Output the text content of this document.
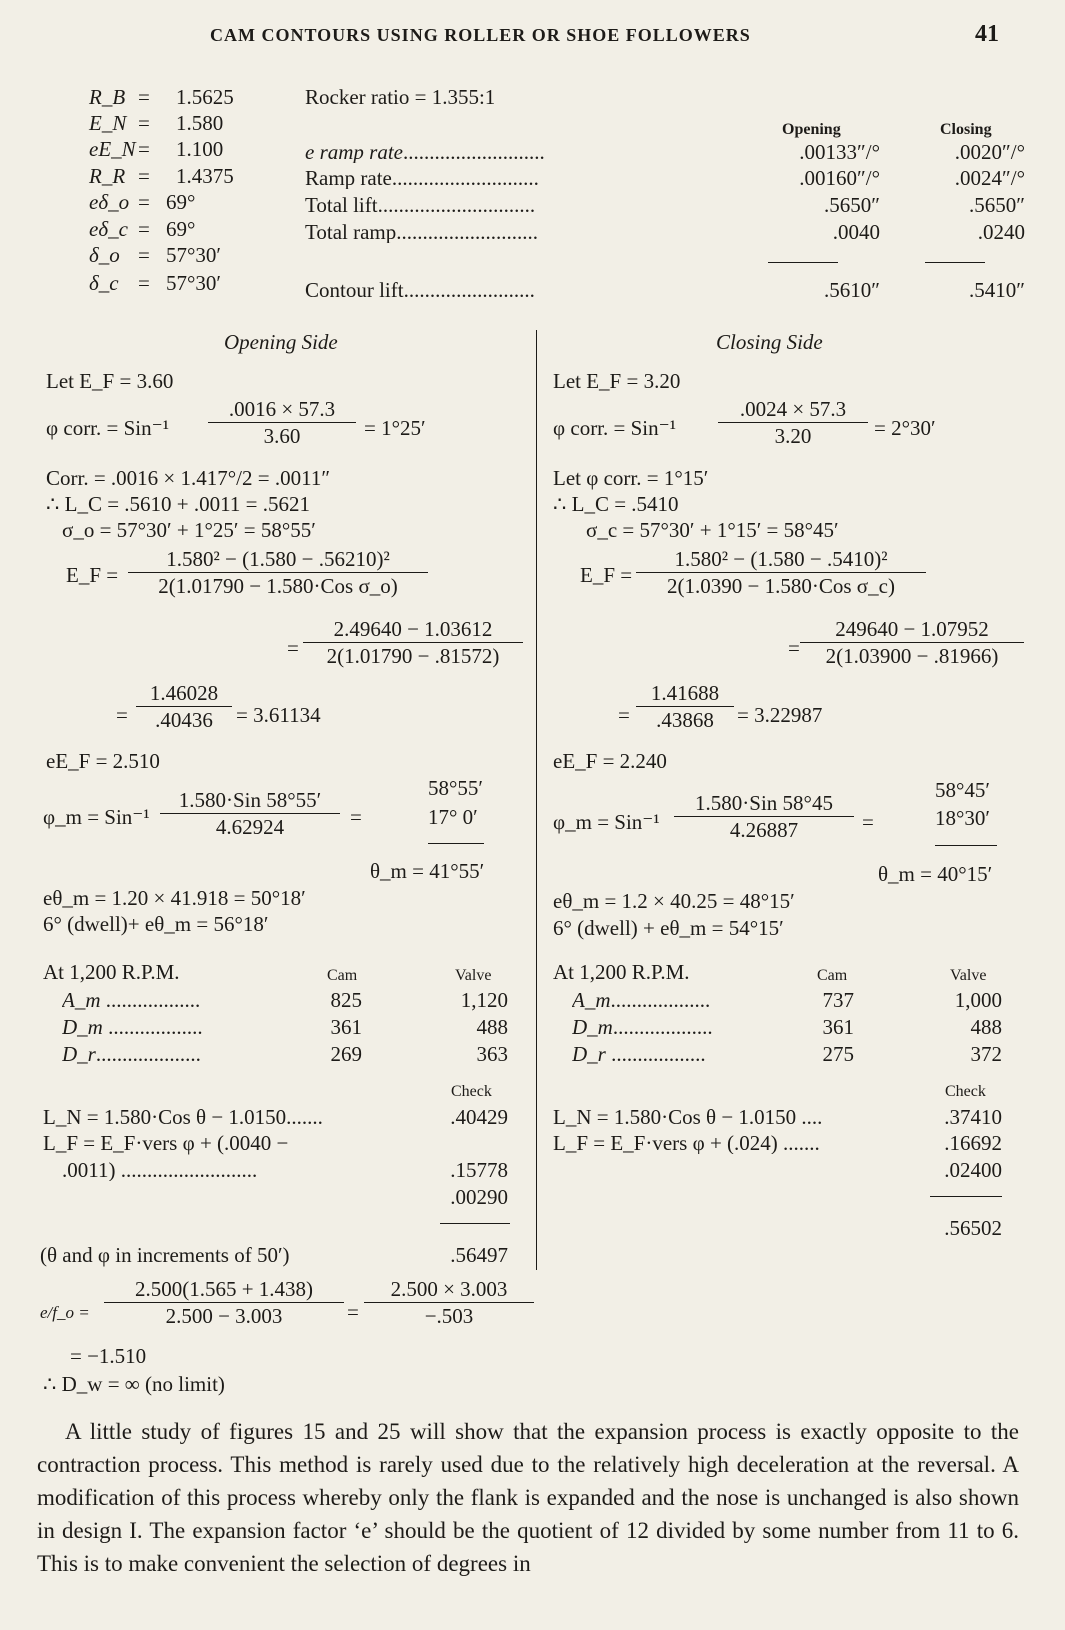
CAM CONTOURS USING ROLLER OR SHOE FOLLOWERS	41
R_B = 1.5625
E_N = 1.580
eE_N = 1.100
R_R = 1.4375
eδ_o = 69°
eδ_c = 69°
δ_o = 57°30′
δ_c = 57°30′
Rocker ratio = 1.355:1
Opening	Closing
e ramp rate...........................	.00133″/°	.0020″/°
Ramp rate............................	.00160″/°	.0024″/°
Total lift..............................	.5650″	.5650″
Total ramp...........................	.0040	.0240
Contour lift.........................	.5610″	.5410″
Opening Side
Let E_F = 3.60
φ corr. = Sin⁻¹
.0016 × 57.3
3.60	= 1°25′
Corr. = .0016 × 1.417°/2 = .0011″
∴ L_C = .5610 + .0011 = .5621
σ_o = 57°30′ + 1°25′ = 58°55′
E_F =
1.580² − (1.580 − .56210)²
2(1.01790 − 1.580·Cos σ_o)
=
2.49640 − 1.03612
2(1.01790 − .81572)
=
1.46028
.40436	= 3.61134
eE_F = 2.510
φ_m = Sin⁻¹
1.580·Sin 58°55′
4.62924	=
58°55′
17° 0′
θ_m = 41°55′
eθ_m = 1.20 × 41.918 = 50°18′
6° (dwell)+ eθ_m = 56°18′
At 1,200 R.P.M.	Cam	Valve
A_m ..................	825	1,120
D_m ..................	361	488
D_r....................	269	363
Check
L_N = 1.580·Cos θ − 1.0150.......	.40429
L_F = E_F·vers φ + (.0040 −
.0011) ..........................	.15778
.00290
(θ and φ in increments of 50′)	.56497
Closing Side
Let E_F = 3.20
φ corr. = Sin⁻¹
.0024 × 57.3
3.20	= 2°30′
Let φ corr. = 1°15′
∴ L_C = .5410
σ_c = 57°30′ + 1°15′ = 58°45′
E_F =
1.580² − (1.580 − .5410)²
2(1.0390 − 1.580·Cos σ_c)
=
249640 − 1.07952
2(1.03900 − .81966)
=
1.41688
.43868	= 3.22987
eE_F = 2.240
φ_m = Sin⁻¹
1.580·Sin 58°45
4.26887	=
58°45′
18°30′
θ_m = 40°15′
eθ_m = 1.2 × 40.25 = 48°15′
6° (dwell) + eθ_m = 54°15′
At 1,200 R.P.M.	Cam	Valve
A_m...................	737	1,000
D_m...................	361	488
D_r ..................	275	372
Check
L_N = 1.580·Cos θ − 1.0150 ....	.37410
L_F = E_F·vers φ + (.024) .......	.16692
.02400
.56502
e/f_o =
2.500(1.565 + 1.438)
2.500 − 3.003	=
2.500 × 3.003
−.503
= −1.510
∴ D_w = ∞ (no limit)
A little study of figures 15 and 25 will show that the expansion process is exactly opposite to the contraction process. This method is rarely used due to the relatively high deceleration at the reversal. A modification of this process whereby only the flank is expanded and the nose is unchanged is also shown in design I. The expansion factor ‘e’ should be the quotient of 12 divided by some number from 11 to 6. This is to make convenient the selection of degrees in
